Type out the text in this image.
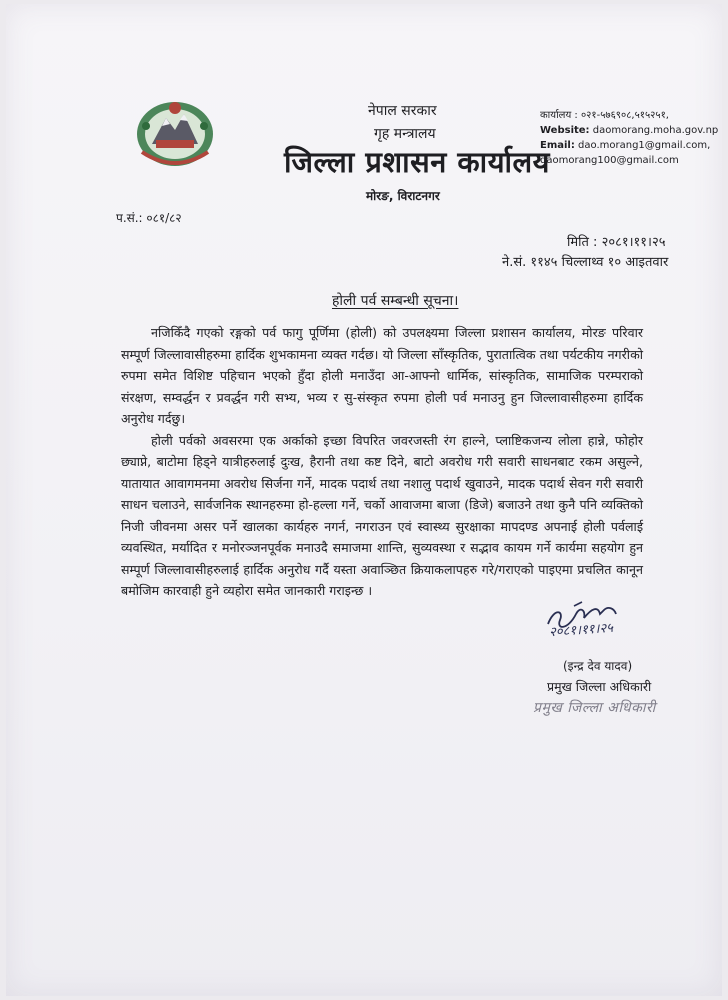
नेपाल सरकार
गृह मन्त्रालय
जिल्ला प्रशासन कार्यालय
मोरङ, विराटनगर
कार्यालय : ०२१-५७६९०८,५१५२५१,
Website: daomorang.moha.gov.np
Email: dao.morang1@gmail.com,
daomorang100@gmail.com
प.सं.: ०८१/८२
मिति : २०८१।११।२५
ने.सं. ११४५ चिल्लाथ्व १० आइतवार
होली पर्व सम्बन्धी सूचना।

नजिकिँदै गएको रङ्गको पर्व फागु पूर्णिमा (होली) को उपलक्ष्यमा जिल्ला प्रशासन कार्यालय, मोरङ परिवार सम्पूर्ण जिल्लावासीहरुमा हार्दिक शुभकामना व्यक्त गर्दछ। यो जिल्ला साँस्कृतिक, पुरातात्विक तथा पर्यटकीय नगरीको रुपमा समेत विशिष्ट पहिचान भएको हुँदा होली मनाउँदा आ-आफ्नो धार्मिक, सांस्कृतिक, सामाजिक परम्पराको संरक्षण, सम्वर्द्धन र प्रवर्द्धन गरी सभ्य, भव्य र सु-संस्कृत रुपमा होली पर्व मनाउनु हुन जिल्लावासीहरुमा हार्दिक अनुरोध गर्दछु।

होली पर्वको अवसरमा एक अर्काको इच्छा विपरित जवरजस्ती रंग हाल्ने, प्लाष्टिकजन्य लोला हान्ने, फोहोर छ्याप्ने, बाटोमा हिड्ने यात्रीहरुलाई दुःख, हैरानी तथा कष्ट दिने, बाटो अवरोध गरी सवारी साधनबाट रकम असुल्ने, यातायात आवागमनमा अवरोध सिर्जना गर्ने, मादक पदार्थ तथा नशालु पदार्थ खुवाउने, मादक पदार्थ सेवन गरी सवारी साधन चलाउने, सार्वजनिक स्थानहरुमा हो-हल्ला गर्ने, चर्को आवाजमा बाजा (डिजे) बजाउने तथा कुनै पनि व्यक्तिको निजी जीवनमा असर पर्ने खालका कार्यहरु नगर्न, नगराउन एवं स्वास्थ्य सुरक्षाका मापदण्ड अपनाई होली पर्वलाई व्यवस्थित, मर्यादित र मनोरञ्जनपूर्वक मनाउदै समाजमा शान्ति, सुव्यवस्था र सद्भाव कायम गर्ने कार्यमा सहयोग हुन सम्पूर्ण जिल्लावासीहरुलाई हार्दिक अनुरोध गर्दै यस्ता अवाञ्छित क्रियाकलापहरु गरे/गराएको पाइएमा प्रचलित कानून बमोजिम कारवाही हुने व्यहोरा समेत जानकारी गराइन्छ ।

२०८१।११।२५
(इन्द्र देव यादव)
प्रमुख जिल्ला अधिकारी
प्रमुख जिल्ला अधिकारी
